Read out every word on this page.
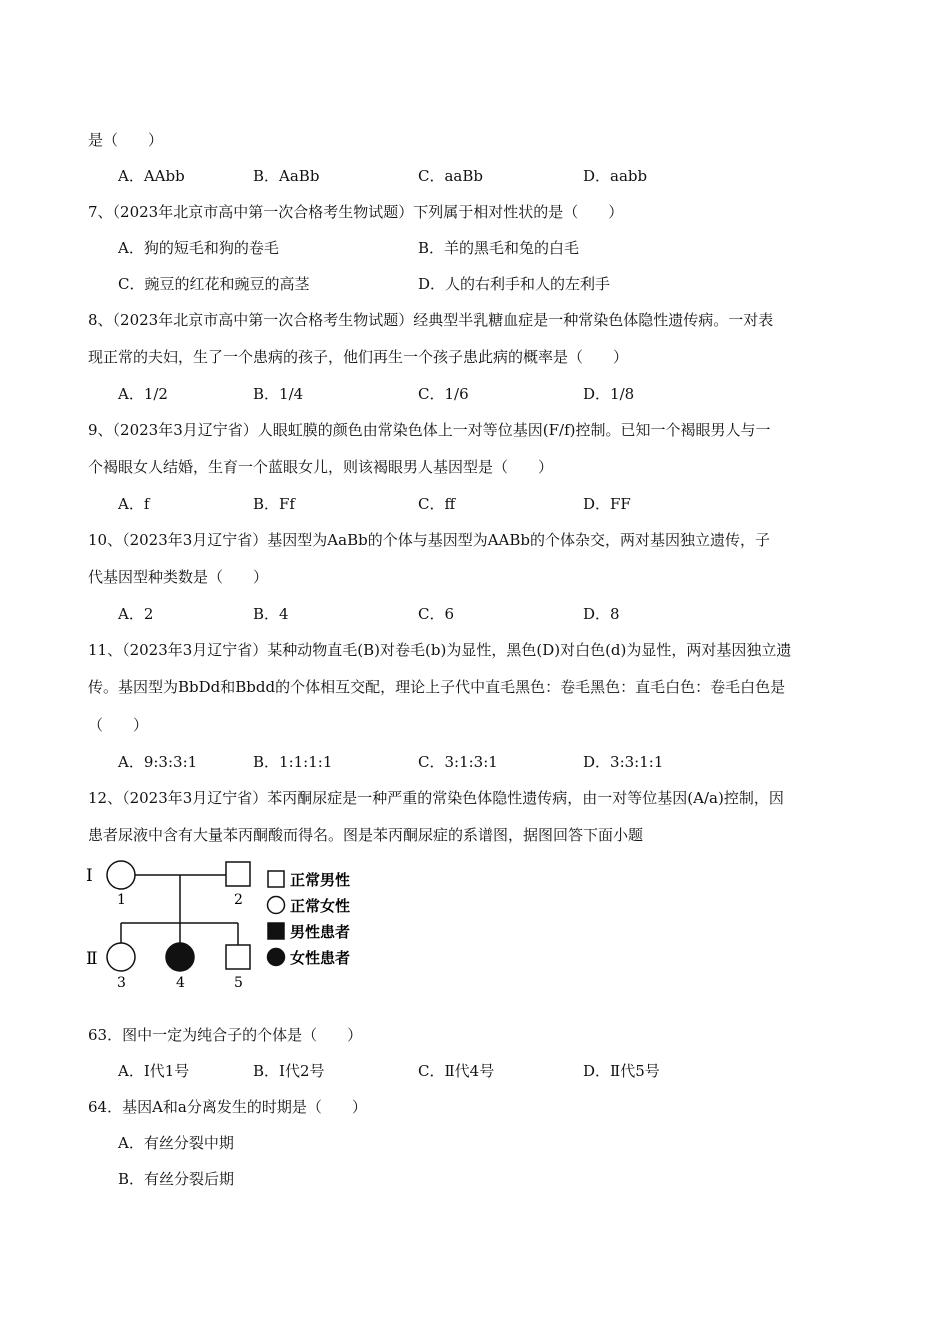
是（　　）
A．AAbb	B．AaBb	C．aaBb	D．aabb
7、（2023年北京市高中第一次合格考生物试题）下列属于相对性状的是（　　）
A．狗的短毛和狗的卷毛	B．羊的黑毛和兔的白毛
C．豌豆的红花和豌豆的高茎	D．人的右利手和人的左利手
8、（2023年北京市高中第一次合格考生物试题）经典型半乳糖血症是一种常染色体隐性遗传病。一对表
现正常的夫妇，生了一个患病的孩子，他们再生一个孩子患此病的概率是（　　）
A．1/2	B．1/4	C．1/6	D．1/8
9、（2023年3月辽宁省）人眼虹膜的颜色由常染色体上一对等位基因(F/f)控制。已知一个褐眼男人与一
个褐眼女人结婚，生育一个蓝眼女儿，则该褐眼男人基因型是（　　）
A．f	B．Ff	C．ff	D．FF
10、（2023年3月辽宁省）基因型为AaBb的个体与基因型为AABb的个体杂交，两对基因独立遗传，子
代基因型种类数是（　　）
A．2	B．4	C．6	D．8
11、（2023年3月辽宁省）某种动物直毛(B)对卷毛(b)为显性，黑色(D)对白色(d)为显性，两对基因独立遗
传。基因型为BbDd和Bbdd的个体相互交配，理论上子代中直毛黑色：卷毛黑色：直毛白色：卷毛白色是
（　　）
A．9:3:3:1	B．1:1:1:1	C．3:1:3:1	D．3:3:1:1
12、（2023年3月辽宁省）苯丙酮尿症是一种严重的常染色体隐性遗传病，由一对等位基因(A/a)控制，因
患者尿液中含有大量苯丙酮酸而得名。图是苯丙酮尿症的系谱图，据图回答下面小题
Ⅰ
Ⅱ
1	2
3	4	5
正常男性
正常女性
男性患者
女性患者
63．图中一定为纯合子的个体是（　　）
A．Ⅰ代1号	B．Ⅰ代2号	C．Ⅱ代4号	D．Ⅱ代5号
64．基因A和a分离发生的时期是（　　）
A．有丝分裂中期
B．有丝分裂后期
